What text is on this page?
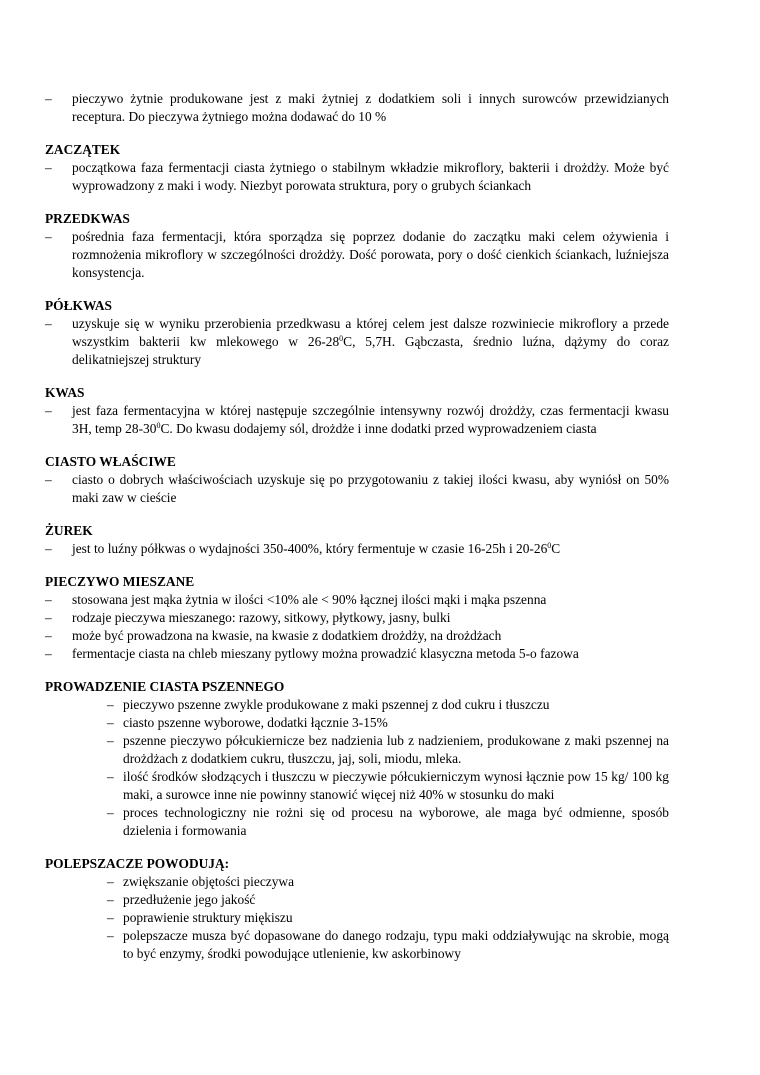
– pieczywo żytnie produkowane jest z maki żytniej z dodatkiem soli i innych surowców przewidzianych receptura. Do pieczywa żytniego można dodawać do 10 %

ZACZĄTEK

– początkowa faza fermentacji ciasta żytniego o stabilnym wkładzie mikroflory, bakterii i drożdży. Może być wyprowadzony z maki i wody. Niezbyt porowata struktura, pory o grubych ściankach

PRZEDKWAS

– pośrednia faza fermentacji, która sporządza się poprzez dodanie do zaczątku maki celem ożywienia i rozmnożenia mikroflory w szczególności drożdży. Dość porowata, pory o dość cienkich ściankach, luźniejsza konsystencja.

PÓŁKWAS

– uzyskuje się w wyniku przerobienia przedkwasu a której celem jest dalsze rozwiniecie mikroflory a przede wszystkim bakterii kw mlekowego w $26-28^0C$, 5,7H. Gąbczasta, średnio luźna, dążymy do coraz delikatniejszej struktury

KWAS

– jest faza fermentacyjna w której następuje szczególnie intensywny rozwój drożdży, czas fermentacji kwasu 3H, temp $28-30^0C$. Do kwasu dodajemy sól, drożdże i inne dodatki przed wyprowadzeniem ciasta

CIASTO WŁAŚCIWE

– ciasto o dobrych właściwościach uzyskuje się po przygotowaniu z takiej ilości kwasu, aby wyniósł on 50% maki zaw w cieście

ŻUREK

– jest to luźny półkwas o wydajności 350-400%, który fermentuje w czasie 16-25h i $20-26^0C$

PIECZYWO MIESZANE

– stosowana jest mąka żytnia w ilości <10% ale < 90% łącznej ilości mąki i mąka pszenna
– rodzaje pieczywa mieszanego: razowy, sitkowy, płytkowy, jasny, bulki
– może być prowadzona na kwasie, na kwasie z dodatkiem drożdży, na drożdżach
– fermentacje ciasta na chleb mieszany pytlowy można prowadzić klasyczna metoda 5-o fazowa

PROWADZENIE CIASTA PSZENNEGO

– pieczywo pszenne zwykle produkowane z maki pszennej z dod cukru i tłuszczu
– ciasto pszenne wyborowe, dodatki łącznie 3-15%
– pszenne pieczywo półcukiernicze bez nadzienia lub z nadzieniem, produkowane z maki pszennej na drożdżach z dodatkiem cukru, tłuszczu, jaj, soli, miodu, mleka.
– ilość środków słodzących i tłuszczu w pieczywie półcukierniczym wynosi łącznie pow 15 kg/ 100 kg maki, a surowce inne nie powinny stanowić więcej niż 40% w stosunku do maki
– proces technologiczny nie rożni się od procesu na wyborowe, ale maga być odmienne, sposób dzielenia i formowania

POLEPSZACZE POWODUJĄ:

– zwiększanie objętości pieczywa
– przedłużenie jego jakość
– poprawienie struktury miękiszu
– polepszacze musza być dopasowane do danego rodzaju, typu maki oddziaływując na skrobie, mogą to być enzymy, środki powodujące utlenienie, kw askorbinowy
